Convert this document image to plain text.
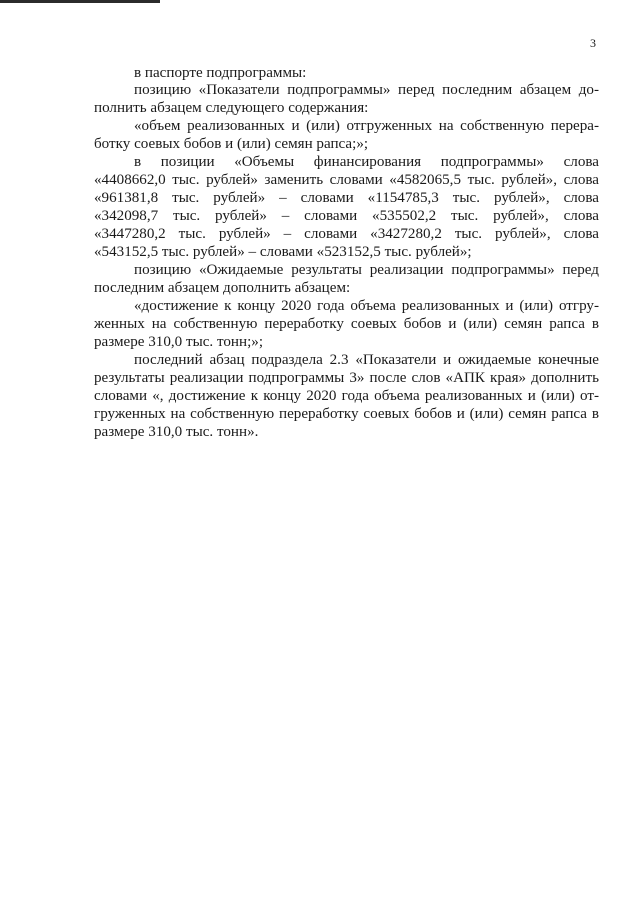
3
в паспорте подпрограммы:
позицию «Показатели подпрограммы» перед последним абзацем до-
полнить абзацем следующего содержания:
«объем реализованных и (или) отгруженных на собственную перера-
ботку соевых бобов и (или) семян рапса;»;
в позиции «Объемы финансирования подпрограммы» слова
«4408662,0 тыс. рублей» заменить словами «4582065,5 тыс. рублей», слова
«961381,8 тыс. рублей» – словами «1154785,3 тыс. рублей», слова
«342098,7 тыс. рублей» – словами «535502,2 тыс. рублей», слова
«3447280,2 тыс. рублей» – словами «3427280,2 тыс. рублей», слова
«543152,5 тыс. рублей» – словами «523152,5 тыс. рублей»;
позицию «Ожидаемые результаты реализации подпрограммы» перед
последним абзацем дополнить абзацем:
«достижение к концу 2020 года объема реализованных и (или) отгру-
женных на собственную переработку соевых бобов и (или) семян рапса в
размере 310,0 тыс. тонн;»;
последний абзац подраздела 2.3 «Показатели и ожидаемые конечные
результаты реализации подпрограммы 3» после слов «АПК края» дополнить
словами «, достижение к концу 2020 года объема реализованных и (или) от-
груженных на собственную переработку соевых бобов и (или) семян рапса в
размере 310,0 тыс. тонн».
